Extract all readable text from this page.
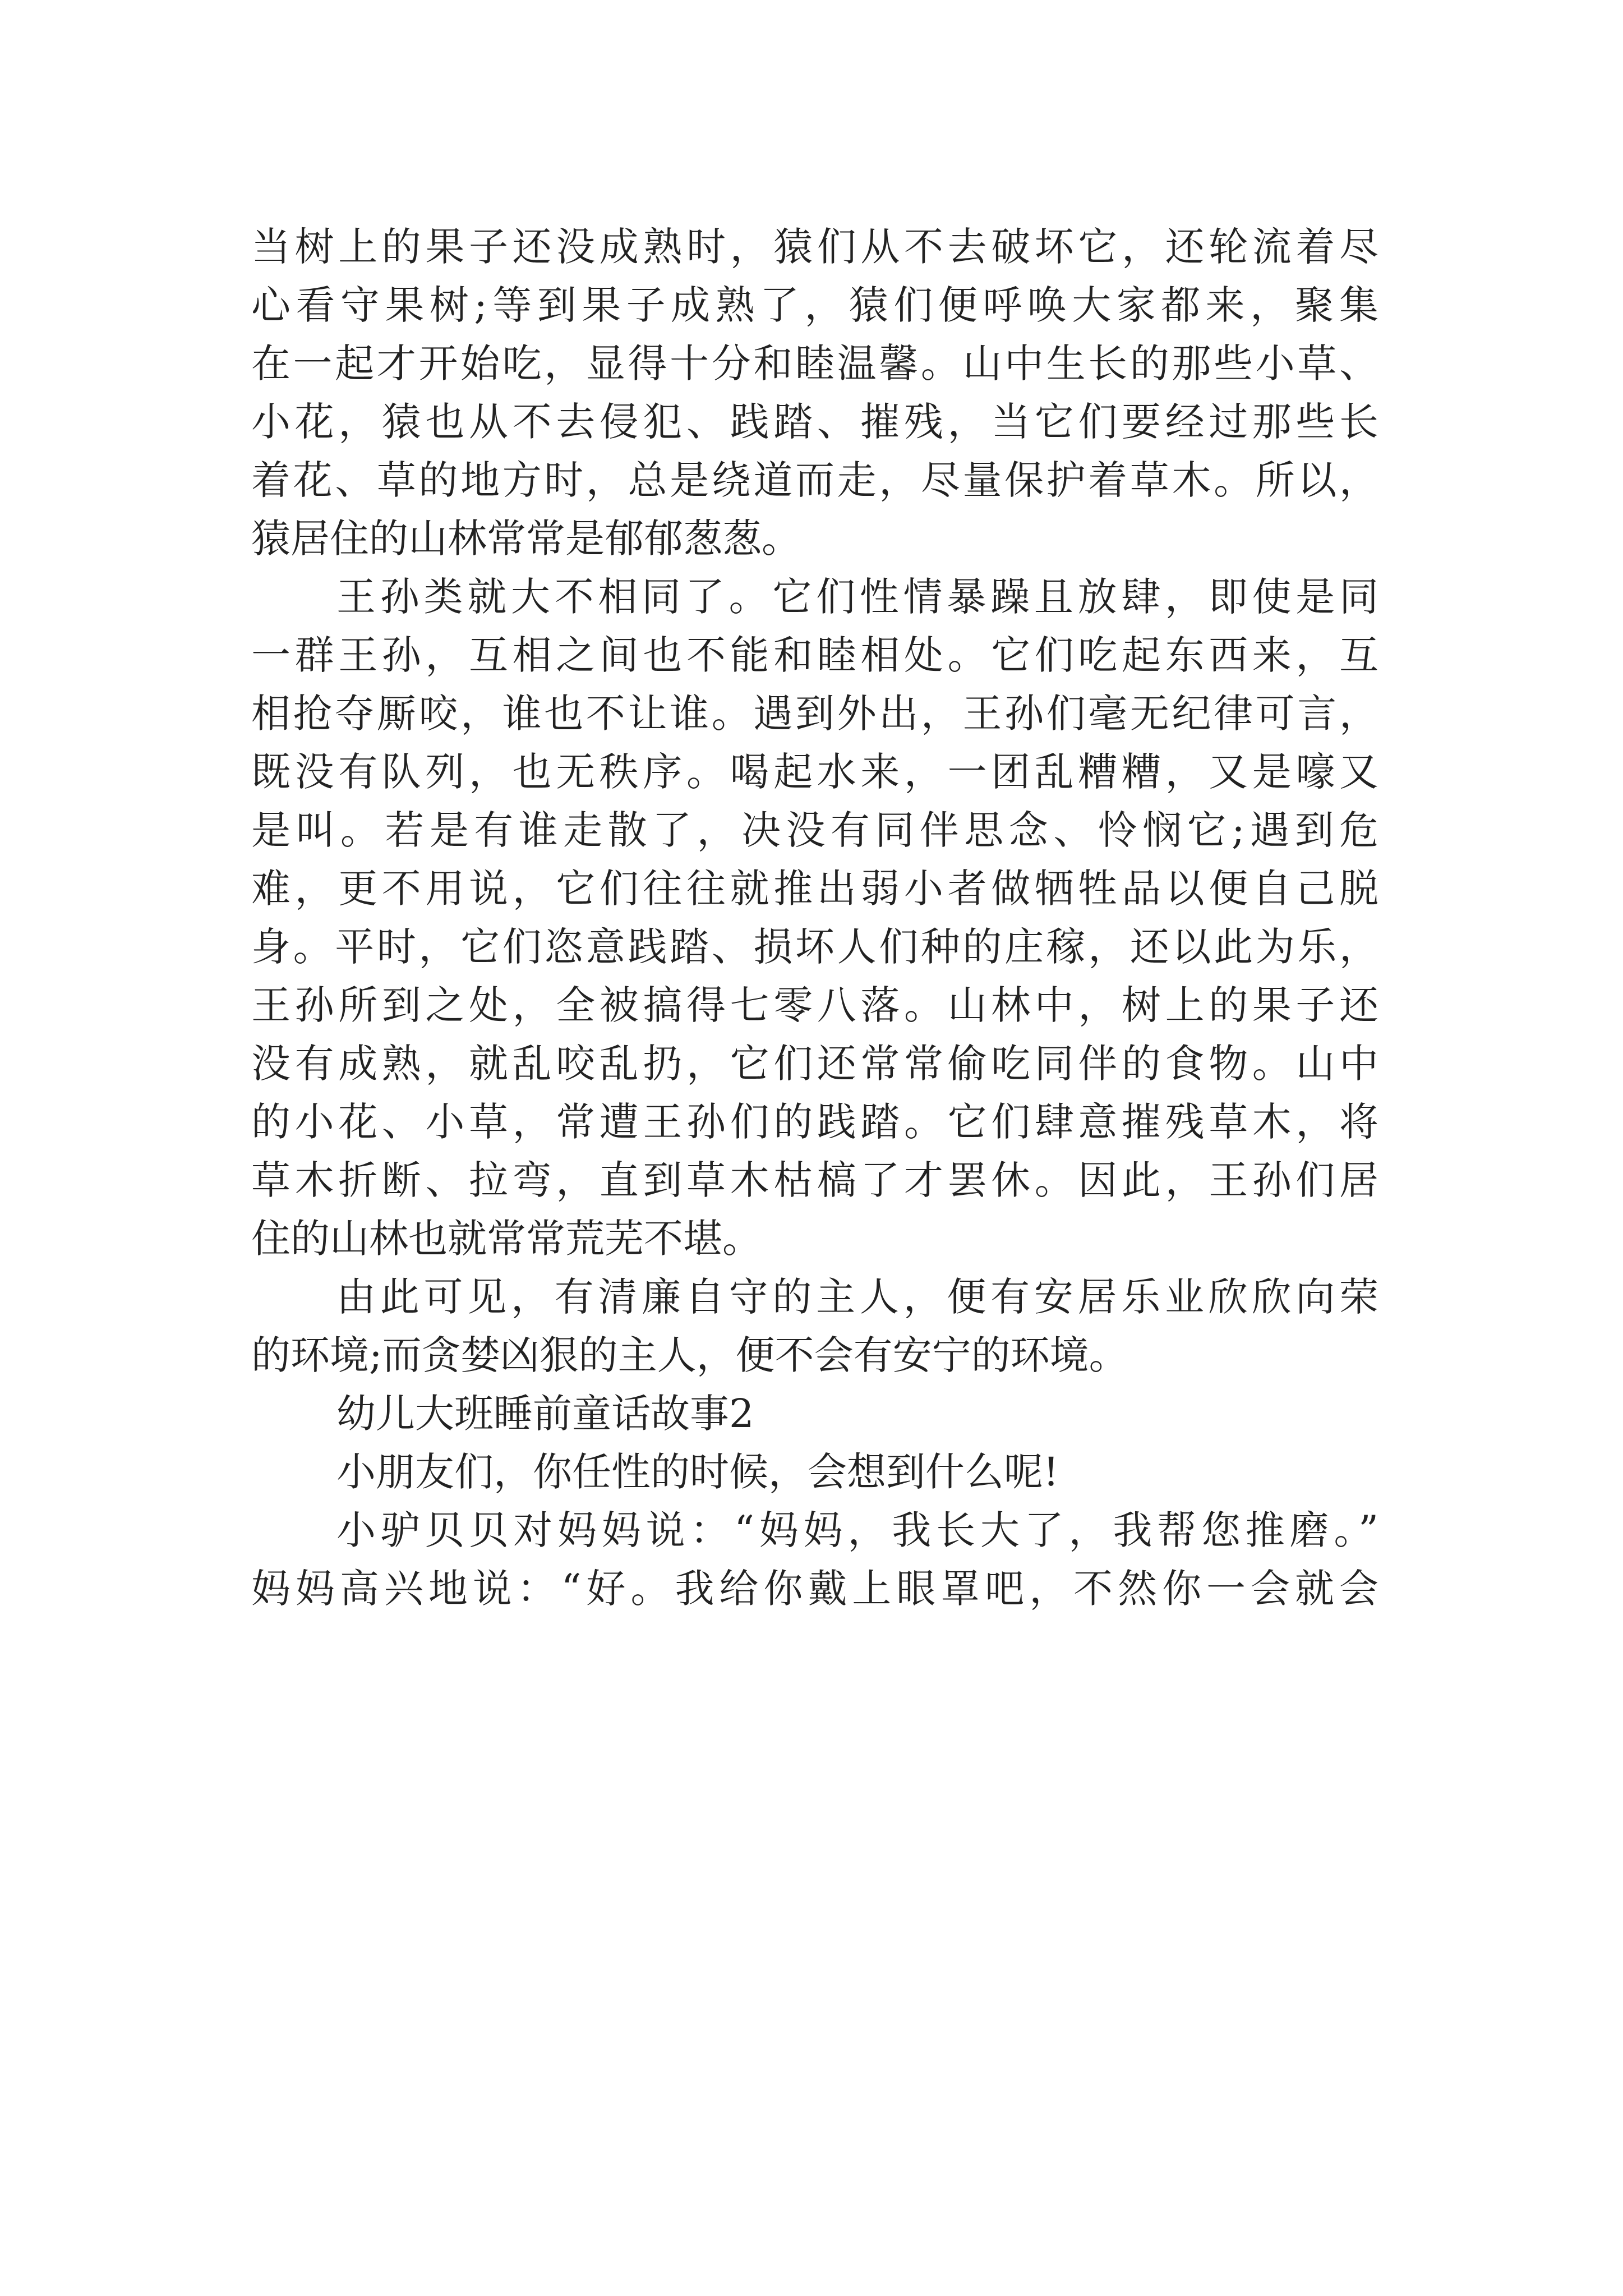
当树上的果子还没成熟时，猿们从不去破坏它，还轮流着尽
心看守果树;等到果子成熟了，猿们便呼唤大家都来，聚集
在一起才开始吃，显得十分和睦温馨。山中生长的那些小草、
小花，猿也从不去侵犯、践踏、摧残，当它们要经过那些长
着花、草的地方时，总是绕道而走，尽量保护着草木。所以，
猿居住的山林常常是郁郁葱葱。
王孙类就大不相同了。它们性情暴躁且放肆，即使是同
一群王孙，互相之间也不能和睦相处。它们吃起东西来，互
相抢夺厮咬，谁也不让谁。遇到外出，王孙们毫无纪律可言，
既没有队列，也无秩序。喝起水来，一团乱糟糟，又是嚎又
是叫。若是有谁走散了，决没有同伴思念、怜悯它;遇到危
难，更不用说，它们往往就推出弱小者做牺牲品以便自己脱
身。平时，它们恣意践踏、损坏人们种的庄稼，还以此为乐，
王孙所到之处，全被搞得七零八落。山林中，树上的果子还
没有成熟，就乱咬乱扔，它们还常常偷吃同伴的食物。山中
的小花、小草，常遭王孙们的践踏。它们肆意摧残草木，将
草木折断、拉弯，直到草木枯槁了才罢休。因此，王孙们居
住的山林也就常常荒芜不堪。
由此可见，有清廉自守的主人，便有安居乐业欣欣向荣
的环境;而贪婪凶狠的主人，便不会有安宁的环境。
幼儿大班睡前童话故事2
小朋友们，你任性的时候，会想到什么呢!
小驴贝贝对妈妈说：“妈妈，我长大了，我帮您推磨。”
妈妈高兴地说：“好。我给你戴上眼罩吧，不然你一会就会
